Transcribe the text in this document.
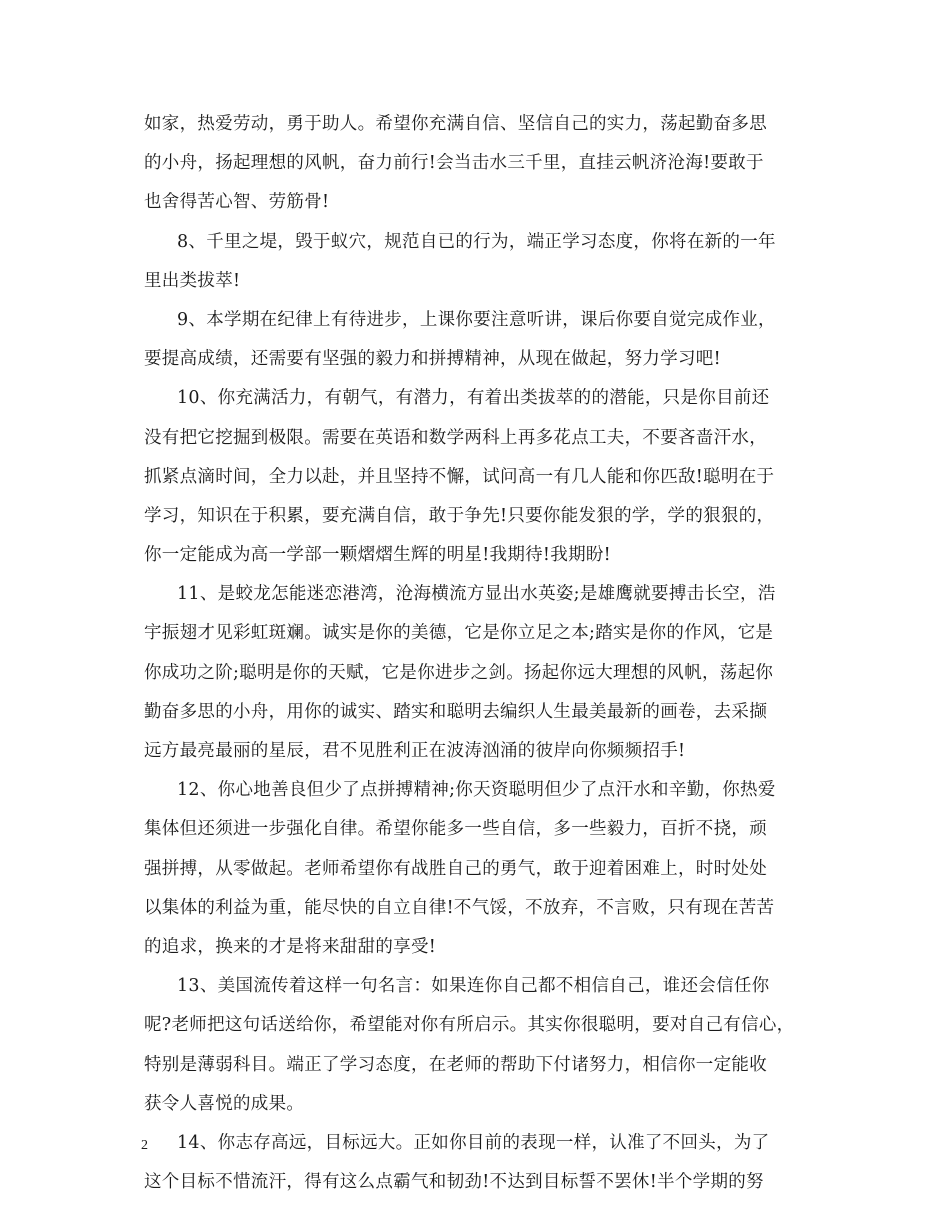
如家，热爱劳动，勇于助人。希望你充满自信、坚信自己的实力，荡起勤奋多思
的小舟，扬起理想的风帆，奋力前行!会当击水三千里，直挂云帆济沧海!要敢于
也舍得苦心智、劳筋骨!
8、千里之堤，毁于蚁穴，规范自已的行为，端正学习态度，你将在新的一年
里出类拔萃!
9、本学期在纪律上有待进步，上课你要注意听讲，课后你要自觉完成作业，
要提高成绩，还需要有坚强的毅力和拼搏精神，从现在做起，努力学习吧!
10、你充满活力，有朝气，有潜力，有着出类拔萃的的潜能，只是你目前还
没有把它挖掘到极限。需要在英语和数学两科上再多花点工夫，不要吝啬汗水，
抓紧点滴时间，全力以赴，并且坚持不懈，试问高一有几人能和你匹敌!聪明在于
学习，知识在于积累，要充满自信，敢于争先!只要你能发狠的学，学的狠狠的，
你一定能成为高一学部一颗熠熠生辉的明星!我期待!我期盼!
11、是蛟龙怎能迷恋港湾，沧海横流方显出水英姿;是雄鹰就要搏击长空，浩
宇振翅才见彩虹斑斓。诚实是你的美德，它是你立足之本;踏实是你的作风，它是
你成功之阶;聪明是你的天赋，它是你进步之剑。扬起你远大理想的风帆，荡起你
勤奋多思的小舟，用你的诚实、踏实和聪明去编织人生最美最新的画卷，去采撷
远方最亮最丽的星辰，君不见胜利正在波涛汹涌的彼岸向你频频招手!
12、你心地善良但少了点拼搏精神;你天资聪明但少了点汗水和辛勤，你热爱
集体但还须进一步强化自律。希望你能多一些自信，多一些毅力，百折不挠，顽
强拼搏，从零做起。老师希望你有战胜自己的勇气，敢于迎着困难上，时时处处
以集体的利益为重，能尽快的自立自律!不气馁，不放弃，不言败，只有现在苦苦
的追求，换来的才是将来甜甜的享受!
13、美国流传着这样一句名言：如果连你自己都不相信自己，谁还会信任你
呢?老师把这句话送给你，希望能对你有所启示。其实你很聪明，要对自己有信心，
特别是薄弱科目。端正了学习态度，在老师的帮助下付诸努力，相信你一定能收
获令人喜悦的成果。
14、你志存高远，目标远大。正如你目前的表现一样，认准了不回头，为了
这个目标不惜流汗，得有这么点霸气和韧劲!不达到目标誓不罢休!半个学期的努
2
